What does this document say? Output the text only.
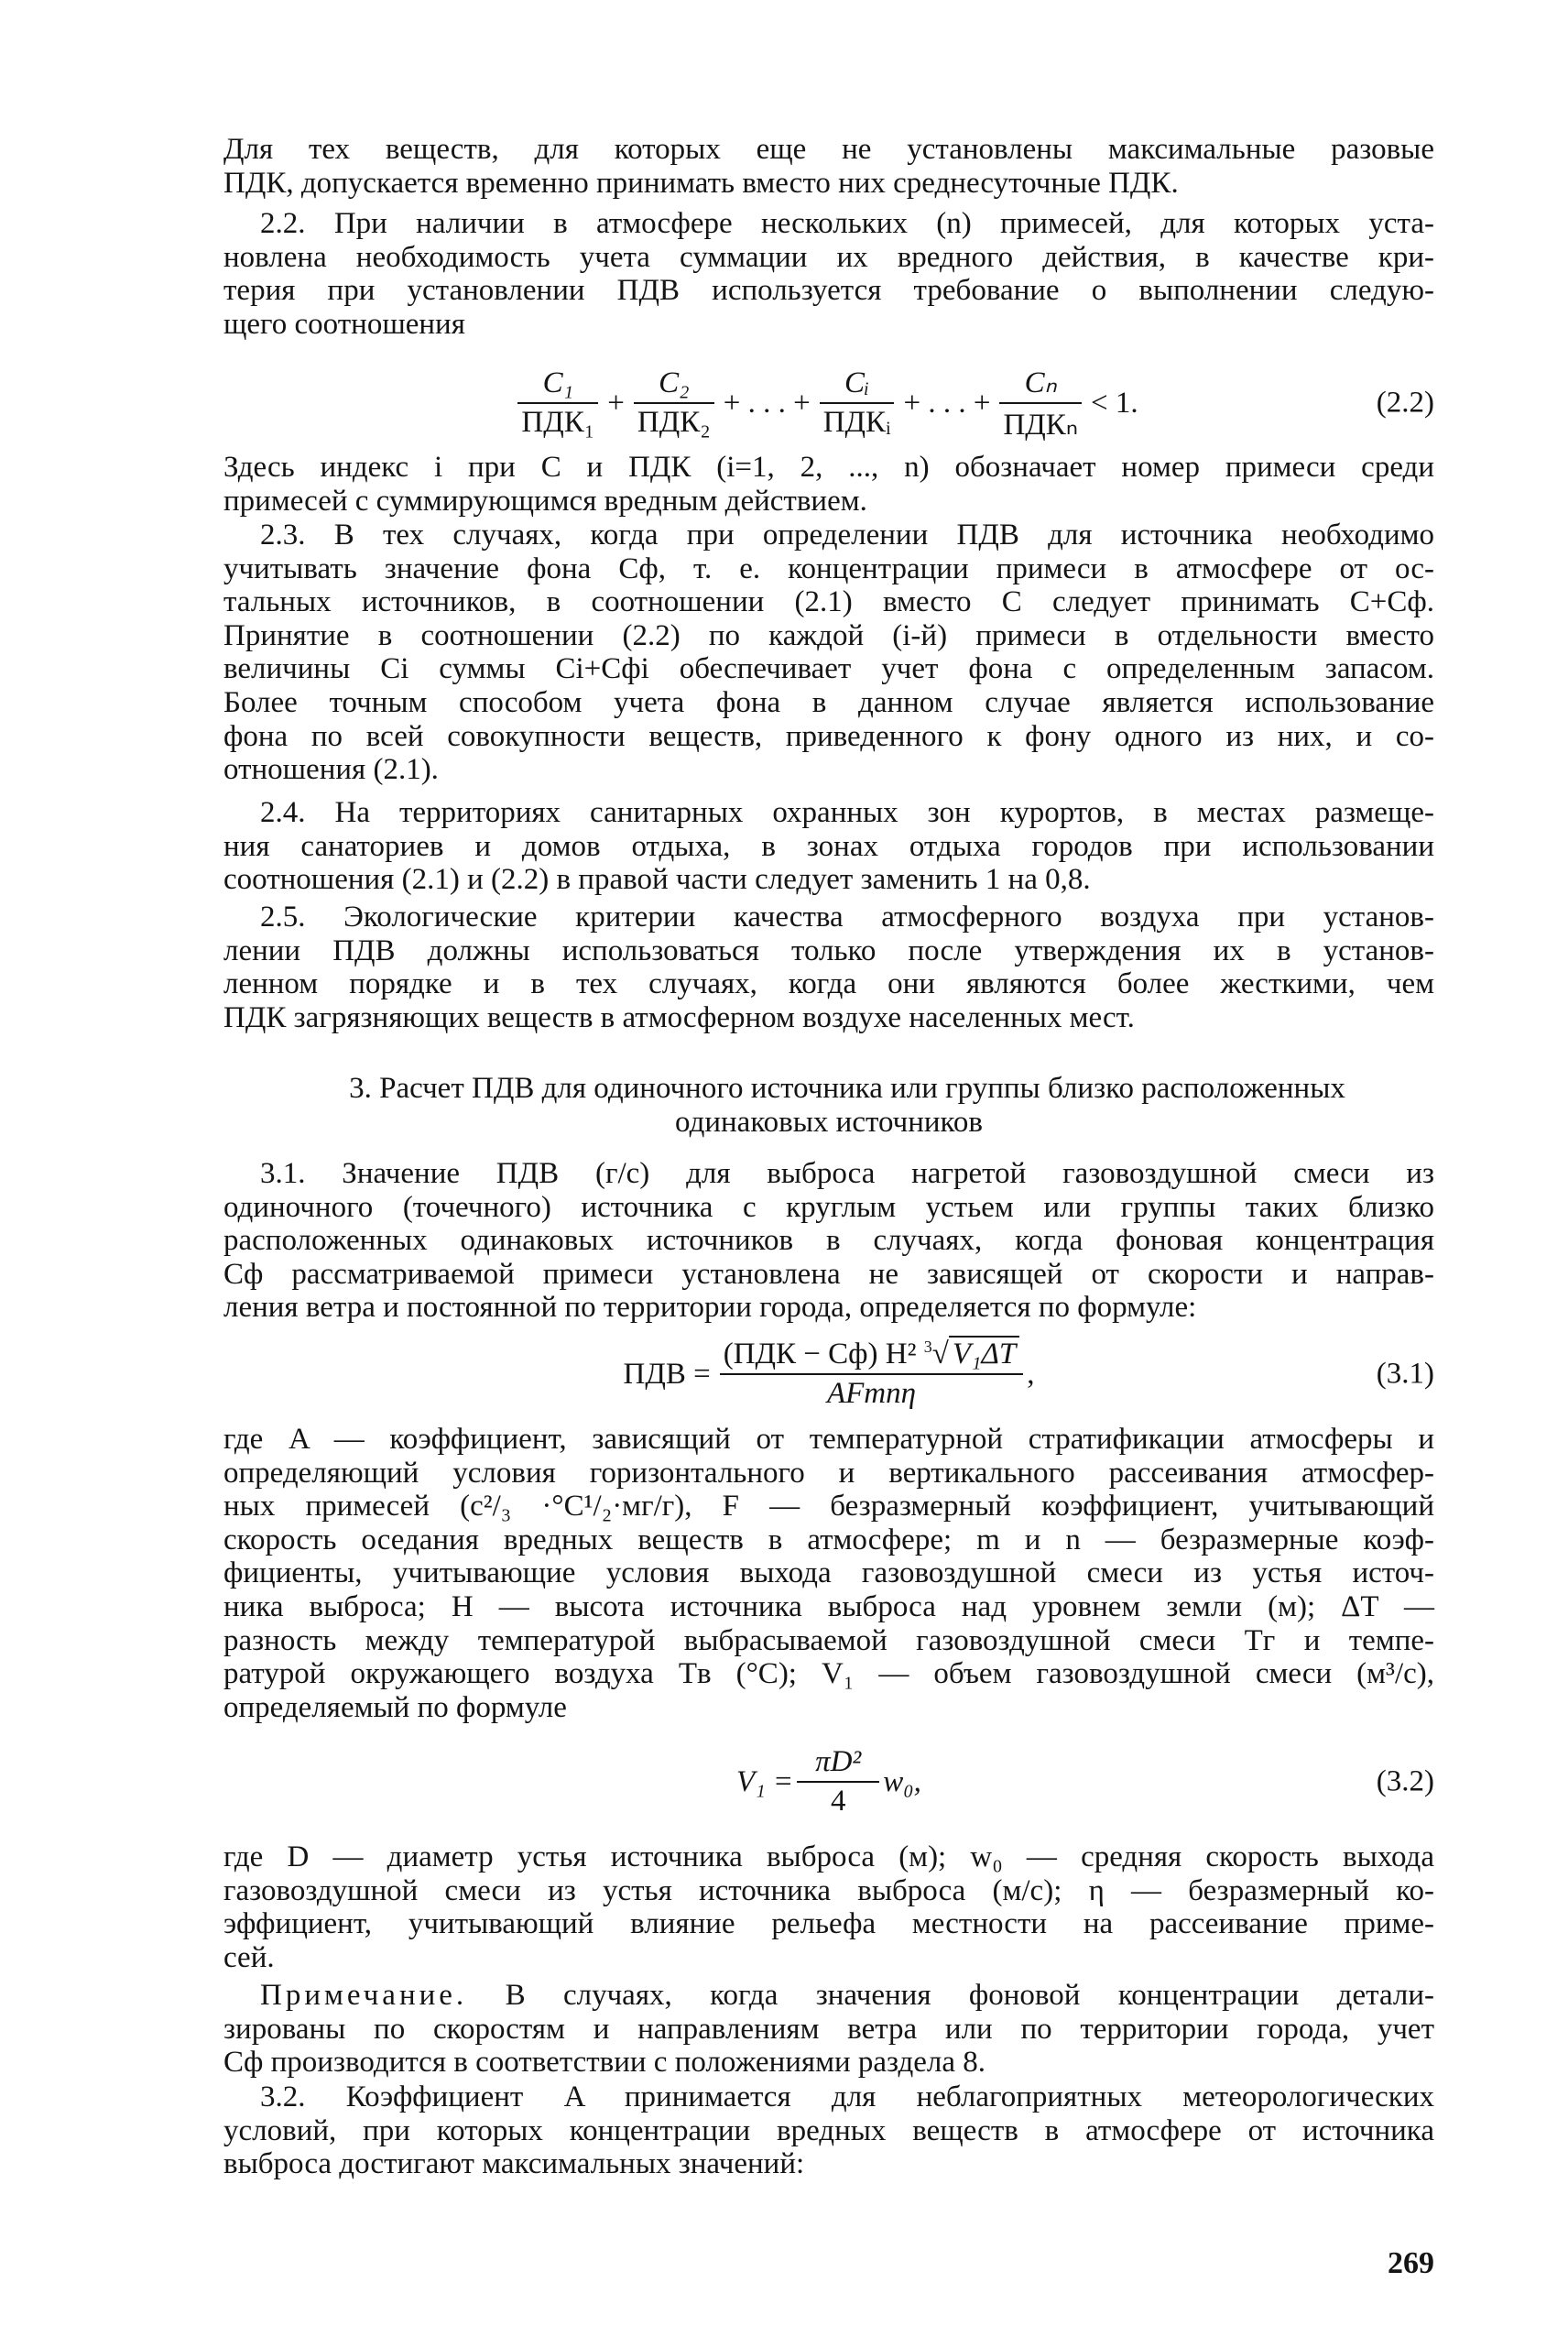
Для тех веществ, для которых еще не установлены максимальные разовые
ПДК, допускается временно принимать вместо них среднесуточные ПДК.
2.2. При наличии в атмосфере нескольких (n) примесей, для которых уста-
новлена необходимость учета суммации их вредного действия, в качестве кри-
терия при установлении ПДВ используется требование о выполнении следую-
щего соотношения
$\frac{\text{C₁}}{\text{ПДК₁}} + \frac{\text{C₂}}{\text{ПДК₂}}$ + . . . + $\frac{\text{Cᵢ}}{\text{ПДКᵢ}}$ + . . . + $\frac{\text{Cₙ}}{\text{ПДКₙ}} < 1$.	(2.2)
Здесь индекс i при C и ПДК (i=1, 2, ..., n) обозначает номер примеси среди
примесей с суммирующимся вредным действием.
2.3. В тех случаях, когда при определении ПДВ для источника необходимо
учитывать значение фона Cф, т. е. концентрации примеси в атмосфере от ос-
тальных источников, в соотношении (2.1) вместо C следует принимать C+Cф.
Принятие в соотношении (2.2) по каждой (i-й) примеси в отдельности вместо
величины Ci суммы Ci+Cфi обеспечивает учет фона с определенным запасом.
Более точным способом учета фона в данном случае является использование
фона по всей совокупности веществ, приведенного к фону одного из них, и со-
отношения (2.1).
2.4. На территориях санитарных охранных зон курортов, в местах размеще-
ния санаториев и домов отдыха, в зонах отдыха городов при использовании
соотношения (2.1) и (2.2) в правой части следует заменить 1 на 0,8.
2.5. Экологические критерии качества атмосферного воздуха при установ-
лении ПДВ должны использоваться только после утверждения их в установ-
ленном порядке и в тех случаях, когда они являются более жесткими, чем
ПДК загрязняющих веществ в атмосферном воздухе населенных мест.
3. Расчет ПДВ для одиночного источника или группы близко расположенных
одинаковых источников
3.1. Значение ПДВ (г/с) для выброса нагретой газовоздушной смеси из
одиночного (точечного) источника с круглым устьем или группы таких близко
расположенных одинаковых источников в случаях, когда фоновая концентрация
Cф рассматриваемой примеси установлена не зависящей от скорости и направ-
ления ветра и постоянной по территории города, определяется по формуле:
ПДВ = $\frac{(ПДК - Cф) H^2 ^3√ V_1\Delta T}{\text{AFmnη}}$ ,	(3.1)
где A — коэффициент, зависящий от температурной стратификации атмосферы и
определяющий условия горизонтального и вертикального рассеивания атмосфер-
ных примесей (с²/₃ ·°С¹/₂·мг/г), F — безразмерный коэффициент, учитывающий
скорость оседания вредных веществ в атмосфере; m и n — безразмерные коэф-
фициенты, учитывающие условия выхода газовоздушной смеси из устья источ-
ника выброса; H — высота источника выброса над уровнем земли (м); ΔT —
разность между температурой выбрасываемой газовоздушной смеси Tг и темпе-
ратурой окружающего воздуха Tв (°С); V₁ — объем газовоздушной смеси (м³/с),
определяемый по формуле
$V_1 = \frac{\text{πD²}}{4} w_0$,	(3.2)
где D — диаметр устья источника выброса (м); w₀ — средняя скорость выхода
газовоздушной смеси из устья источника выброса (м/с); η — безразмерный ко-
эффициент, учитывающий влияние рельефа местности на рассеивание приме-
сей.
Примечание. В случаях, когда значения фоновой концентрации детали-
зированы по скоростям и направлениям ветра или по территории города, учет
Cф производится в соответствии с положениями раздела 8.
3.2. Коэффициент A принимается для неблагоприятных метеорологических
условий, при которых концентрации вредных веществ в атмосфере от источника
выброса достигают максимальных значений:
269
